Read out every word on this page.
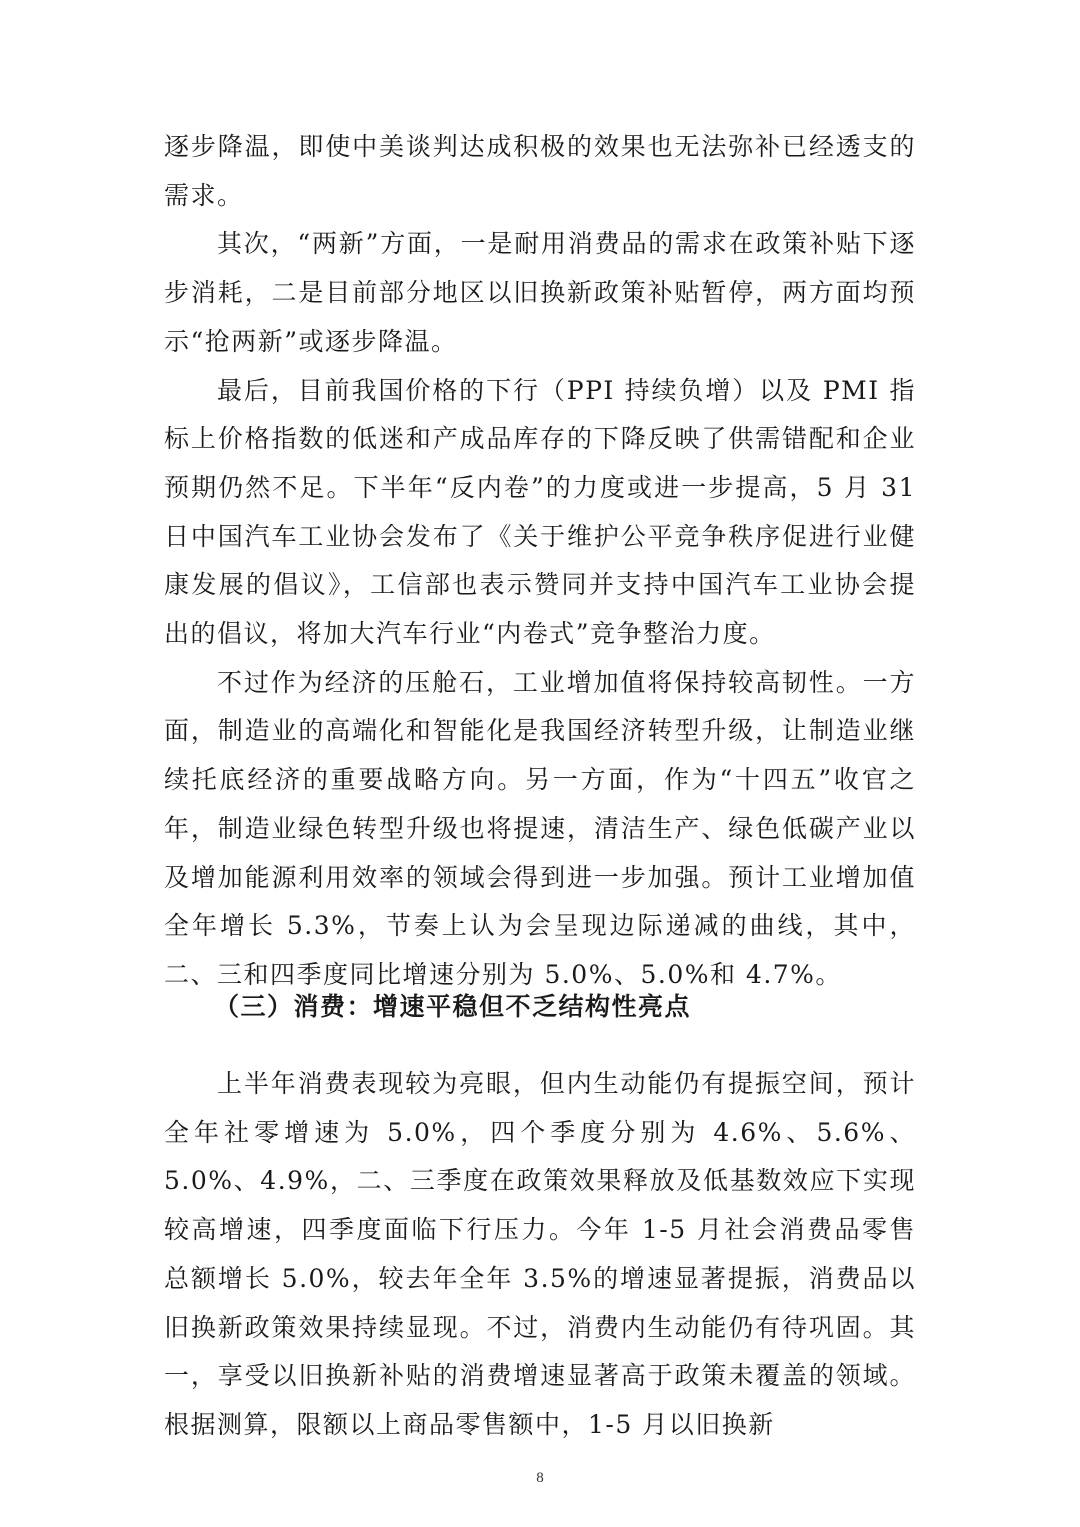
逐步降温，即使中美谈判达成积极的效果也无法弥补已经透支的需求。

其次，“两新”方面，一是耐用消费品的需求在政策补贴下逐步消耗，二是目前部分地区以旧换新政策补贴暂停，两方面均预示“抢两新”或逐步降温。

最后，目前我国价格的下行（PPI 持续负增）以及 PMI 指标上价格指数的低迷和产成品库存的下降反映了供需错配和企业预期仍然不足。下半年“反内卷”的力度或进一步提高，5 月 31 日中国汽车工业协会发布了《关于维护公平竞争秩序促进行业健康发展的倡议》，工信部也表示赞同并支持中国汽车工业协会提出的倡议，将加大汽车行业“内卷式”竞争整治力度。

不过作为经济的压舱石，工业增加值将保持较高韧性。一方面，制造业的高端化和智能化是我国经济转型升级，让制造业继续托底经济的重要战略方向。另一方面，作为“十四五”收官之年，制造业绿色转型升级也将提速，清洁生产、绿色低碳产业以及增加能源利用效率的领域会得到进一步加强。预计工业增加值全年增长 5.3%，节奏上认为会呈现边际递减的曲线，其中，二、三和四季度同比增速分别为 5.0%、5.0%和 4.7%。

（三）消费：增速平稳但不乏结构性亮点

上半年消费表现较为亮眼，但内生动能仍有提振空间，预计全年社零增速为 5.0%，四个季度分别为 4.6%、5.6%、5.0%、4.9%，二、三季度在政策效果释放及低基数效应下实现较高增速，四季度面临下行压力。今年 1-5 月社会消费品零售总额增长 5.0%，较去年全年 3.5%的增速显著提振，消费品以旧换新政策效果持续显现。不过，消费内生动能仍有待巩固。其一，享受以旧换新补贴的消费增速显著高于政策未覆盖的领域。根据测算，限额以上商品零售额中，1-5 月以旧换新

8
